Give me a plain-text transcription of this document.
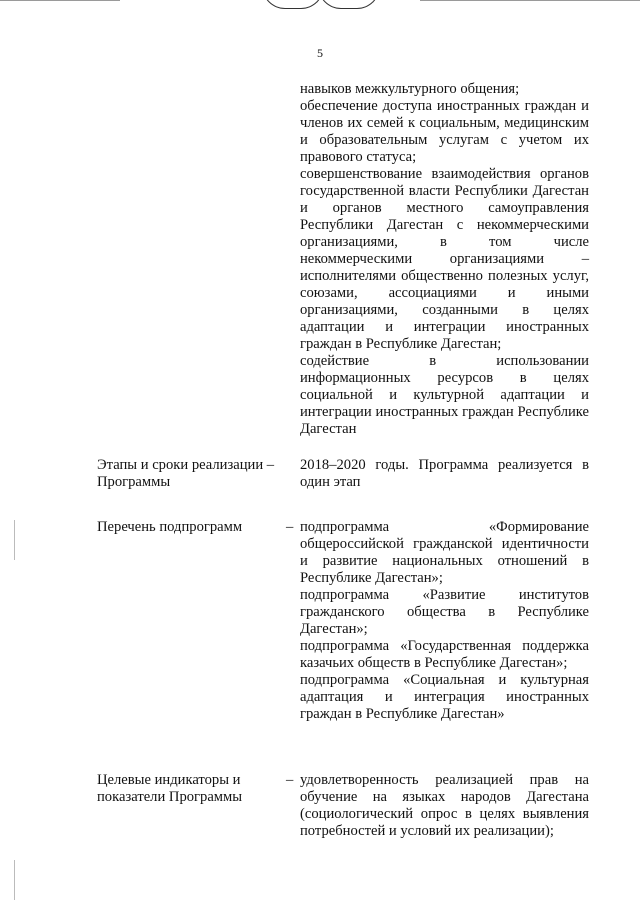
5

навыков межкультурного общения;

обеспечение доступа иностранных граждан и членов их семей к социальным, медицинским и образовательным услугам с учетом их правового статуса;

совершенствование взаимодействия органов государственной власти Республики Дагестан и органов местного самоуправления Республики Дагестан с некоммерческими организациями, в том числе некоммерческими организациями – исполнителями общественно полезных услуг, союзами, ассоциациями и иными организациями, созданными в целях адаптации и интеграции иностранных граждан в Республике Дагестан;

содействие в использовании информационных ресурсов в целях социальной и культурной адаптации и интеграции иностранных граждан Республике Дагестан

Этапы и сроки реализации – Программы

2018–2020 годы. Программа реализуется в один этап

Перечень подпрограмм	– подпрограмма «Формирование общероссийской гражданской идентичности и развитие национальных отношений в Республике Дагестан»;

подпрограмма «Развитие институтов гражданского общества в Республике Дагестан»;

подпрограмма «Государственная поддержка казачьих обществ в Республике Дагестан»;

подпрограмма «Социальная и культурная адаптация и интеграция иностранных граждан в Республике Дагестан»

Целевые индикаторы и показатели Программы
– удовлетворенность реализацией прав на обучение на языках народов Дагестана (социологический опрос в целях выявления потребностей и условий их реализации);
